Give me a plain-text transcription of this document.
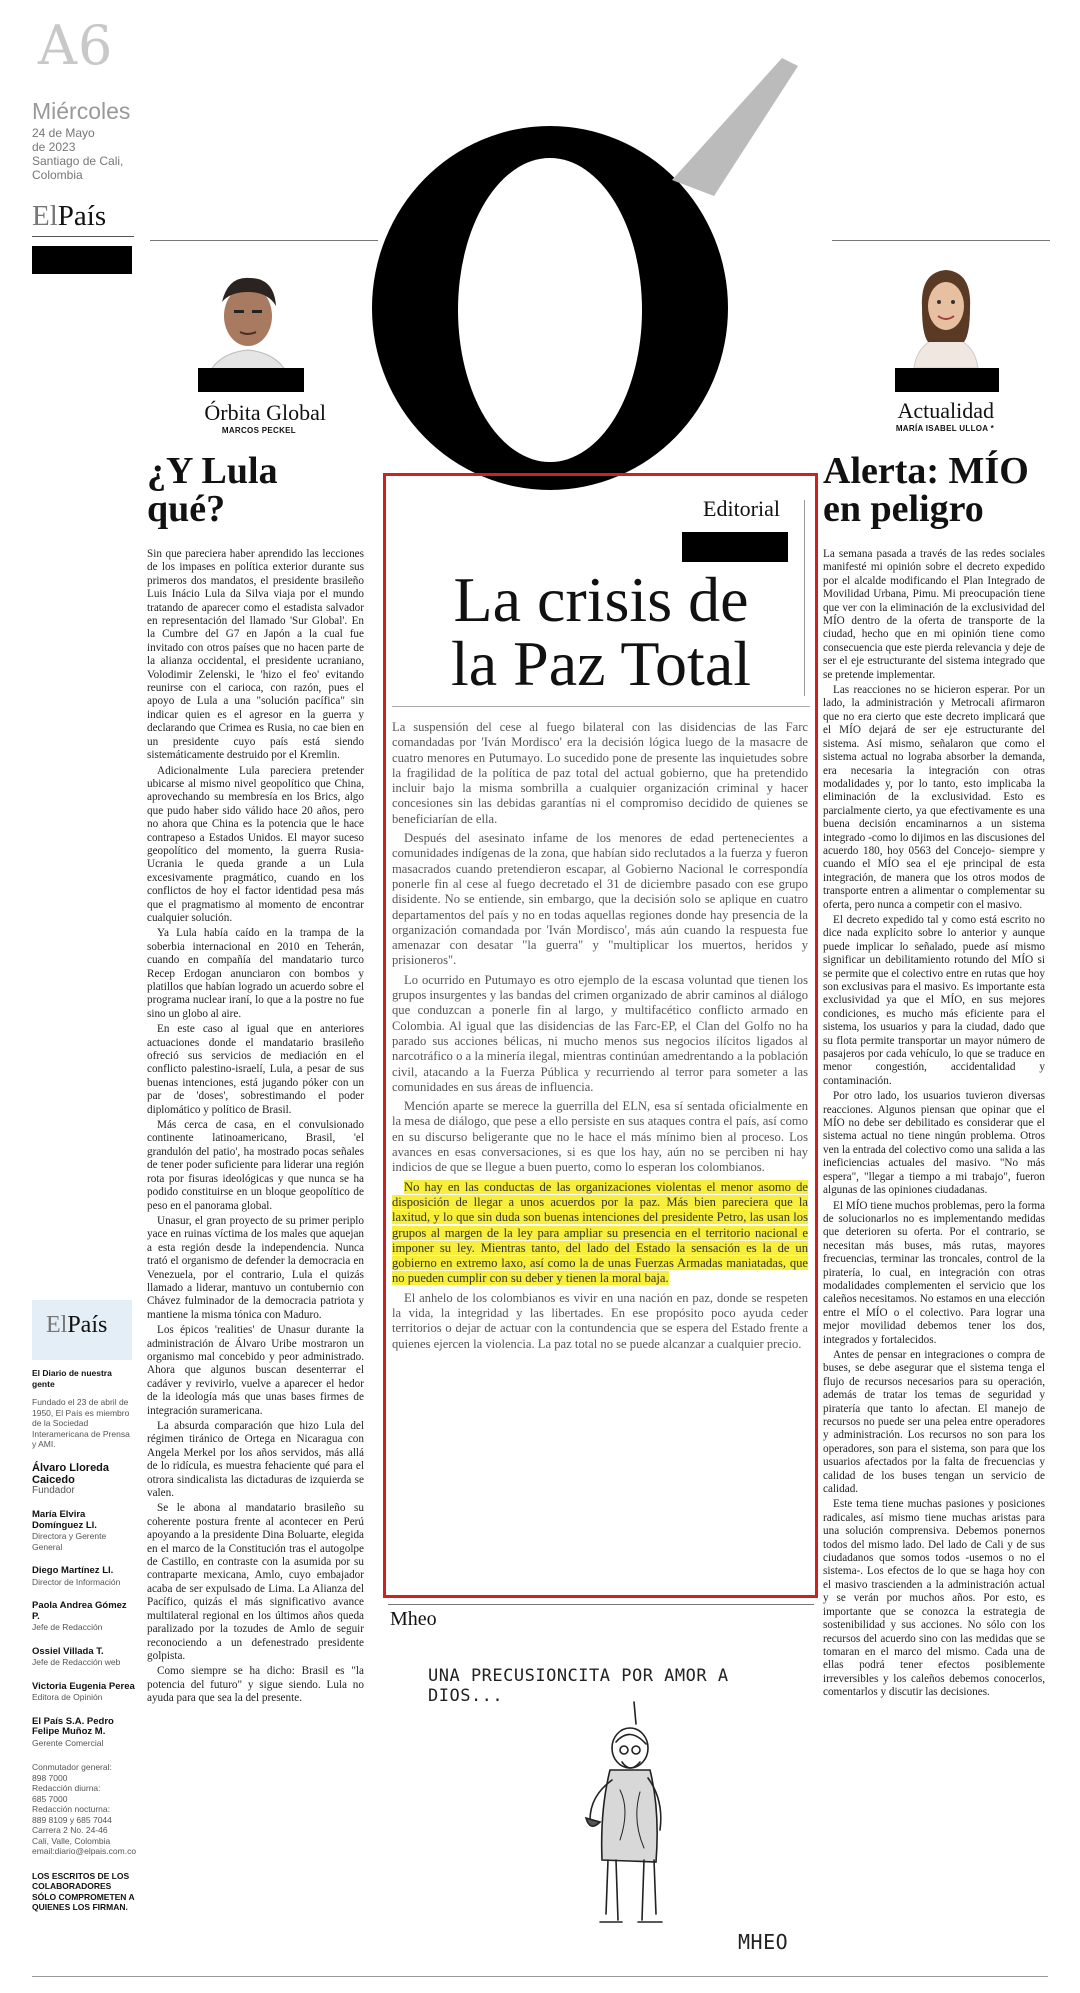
A6
Miércoles
24 de Mayo
de 2023
Santiago de Cali,
Colombia
ElPaís
Órbita Global
MARCOS PECKEL
¿Y Lula
qué?

Sin que pareciera haber aprendido las lecciones de los impases en política exterior durante sus primeros dos mandatos, el presidente brasileño Luis Inácio Lula da Silva viaja por el mundo tratando de aparecer como el estadista salvador en representación del llamado 'Sur Global'. En la Cumbre del G7 en Japón a la cual fue invitado con otros países que no hacen parte de la alianza occidental, el presidente ucraniano, Volodimir Zelenski, le 'hizo el feo' evitando reunirse con el carioca, con razón, pues el apoyo de Lula a una "solución pacífica" sin indicar quien es el agresor en la guerra y declarando que Crimea es Rusia, no cae bien en un presidente cuyo país está siendo sistemáticamente destruido por el Kremlin.

Adicionalmente Lula pareciera pretender ubicarse al mismo nivel geopolítico que China, aprovechando su membresía en los Brics, algo que pudo haber sido válido hace 20 años, pero no ahora que China es la potencia que le hace contrapeso a Estados Unidos. El mayor suceso geopolítico del momento, la guerra Rusia-Ucrania le queda grande a un Lula excesivamente pragmático, cuando en los conflictos de hoy el factor identidad pesa más que el pragmatismo al momento de encontrar cualquier solución.

Ya Lula había caído en la trampa de la soberbia internacional en 2010 en Teherán, cuando en compañía del mandatario turco Recep Erdogan anunciaron con bombos y platillos que habían logrado un acuerdo sobre el programa nuclear iraní, lo que a la postre no fue sino un globo al aire.

En este caso al igual que en anteriores actuaciones donde el mandatario brasileño ofreció sus servicios de mediación en el conflicto palestino-israelí, Lula, a pesar de sus buenas intenciones, está jugando póker con un par de 'doses', sobrestimando el poder diplomático y político de Brasil.

Más cerca de casa, en el convulsionado continente latinoamericano, Brasil, 'el grandulón del patio', ha mostrado pocas señales de tener poder suficiente para liderar una región rota por fisuras ideológicas y que nunca se ha podido constituirse en un bloque geopolítico de peso en el panorama global.

Unasur, el gran proyecto de su primer periplo yace en ruinas víctima de los males que aquejan a esta región desde la independencia. Nunca trató el organismo de defender la democracia en Venezuela, por el contrario, Lula el quizás llamado a liderar, mantuvo un contubernio con Chávez fulminador de la democracia patriota y mantiene la misma tónica con Maduro.

Los épicos 'realities' de Unasur durante la administración de Álvaro Uribe mostraron un organismo mal concebido y peor administrado. Ahora que algunos buscan desenterrar el cadáver y revivirlo, vuelve a aparecer el hedor de la ideología más que unas bases firmes de integración suramericana.

La absurda comparación que hizo Lula del régimen tiránico de Ortega en Nicaragua con Angela Merkel por los años servidos, más allá de lo ridícula, es muestra fehaciente qué para el otrora sindicalista las dictaduras de izquierda se valen.

Se le abona al mandatario brasileño su coherente postura frente al acontecer en Perú apoyando a la presidente Dina Boluarte, elegida en el marco de la Constitución tras el autogolpe de Castillo, en contraste con la asumida por su contraparte mexicana, Amlo, cuyo embajador acaba de ser expulsado de Lima. La Alianza del Pacífico, quizás el más significativo avance multilateral regional en los últimos años queda paralizado por la tozudes de Amlo de seguir reconociendo a un defenestrado presidente golpista.

Como siempre se ha dicho: Brasil es "la potencia del futuro" y sigue siendo. Lula no ayuda para que sea la del presente.

ElPaís
El Diario de nuestra gente
Fundado el 23 de abril de 1950, El País es miembro de la Sociedad Interamericana de Prensa y AMI.
Álvaro Lloreda Caicedo
Fundador
María Elvira Domínguez Ll.
Directora y Gerente General
Diego Martínez Ll.
Director de Información
Paola Andrea Gómez P.
Jefe de Redacción
Ossiel Villada T.
Jefe de Redacción web
Victoria Eugenia Perea
Editora de Opinión
El País S.A. Pedro Felipe Muñoz M.
Gerente Comercial
Conmutador general:
898 7000
Redacción diurna:
685 7000
Redacción nocturna:
889 8109 y 685 7044
Carrera 2 No. 24-46
Cali, Valle, Colombia
email:diario@elpais.com.co
LOS ESCRITOS DE LOS COLABORADORES SÓLO COMPROMETEN A QUIENES LOS FIRMAN.
Editorial
La crisis de
la Paz Total

La suspensión del cese al fuego bilateral con las disidencias de las Farc comandadas por 'Iván Mordisco' era la decisión lógica luego de la masacre de cuatro menores en Putumayo. Lo sucedido pone de presente las inquietudes sobre la fragilidad de la política de paz total del actual gobierno, que ha pretendido incluir bajo la misma sombrilla a cualquier organización criminal y hacer concesiones sin las debidas garantías ni el compromiso decidido de quienes se beneficiarían de ella.

Después del asesinato infame de los menores de edad pertenecientes a comunidades indígenas de la zona, que habían sido reclutados a la fuerza y fueron masacrados cuando pretendieron escapar, al Gobierno Nacional le correspondía ponerle fin al cese al fuego decretado el 31 de diciembre pasado con ese grupo disidente. No se entiende, sin embargo, que la decisión solo se aplique en cuatro departamentos del país y no en todas aquellas regiones donde hay presencia de la organización comandada por 'Iván Mordisco', más aún cuando la respuesta fue amenazar con desatar "la guerra" y "multiplicar los muertos, heridos y prisioneros".

Lo ocurrido en Putumayo es otro ejemplo de la escasa voluntad que tienen los grupos insurgentes y las bandas del crimen organizado de abrir caminos al diálogo que conduzcan a ponerle fin al largo, y multifacético conflicto armado en Colombia. Al igual que las disidencias de las Farc-EP, el Clan del Golfo no ha parado sus acciones bélicas, ni mucho menos sus negocios ilícitos ligados al narcotráfico o a la minería ilegal, mientras continúan amedrentando a la población civil, atacando a la Fuerza Pública y recurriendo al terror para someter a las comunidades en sus áreas de influencia.

Mención aparte se merece la guerrilla del ELN, esa sí sentada oficialmente en la mesa de diálogo, que pese a ello persiste en sus ataques contra el país, así como en su discurso beligerante que no le hace el más mínimo bien al proceso. Los avances en esas conversaciones, si es que los hay, aún no se perciben ni hay indicios de que se llegue a buen puerto, como lo esperan los colombianos.

No hay en las conductas de las organizaciones violentas el menor asomo de disposición de llegar a unos acuerdos por la paz. Más bien pareciera que la laxitud, y lo que sin duda son buenas intenciones del presidente Petro, las usan los grupos al margen de la ley para ampliar su presencia en el territorio nacional e imponer su ley. Mientras tanto, del lado del Estado la sensación es la de un gobierno en extremo laxo, así como la de unas Fuerzas Armadas maniatadas, que no pueden cumplir con su deber y tienen la moral baja.

El anhelo de los colombianos es vivir en una nación en paz, donde se respeten la vida, la integridad y las libertades. En ese propósito poco ayuda ceder territorios o dejar de actuar con la contundencia que se espera del Estado frente a quienes ejercen la violencia. La paz total no se puede alcanzar a cualquier precio.

Mheo
UNA PRECUSIONCITA POR AMOR A DIOS...
MHEO
Actualidad
MARÍA ISABEL ULLOA *
Alerta: MÍO
en peligro

La semana pasada a través de las redes sociales manifesté mi opinión sobre el decreto expedido por el alcalde modificando el Plan Integrado de Movilidad Urbana, Pimu. Mi preocupación tiene que ver con la eliminación de la exclusividad del MÍO dentro de la oferta de transporte de la ciudad, hecho que en mi opinión tiene como consecuencia que este pierda relevancia y deje de ser el eje estructurante del sistema integrado que se pretende implementar.

Las reacciones no se hicieron esperar. Por un lado, la administración y Metrocali afirmaron que no era cierto que este decreto implicará que el MÍO dejará de ser eje estructurante del sistema. Así mismo, señalaron que como el sistema actual no lograba absorber la demanda, era necesaria la integración con otras modalidades y, por lo tanto, esto implicaba la eliminación de la exclusividad. Esto es parcialmente cierto, ya que efectivamente es una buena decisión encaminarnos a un sistema integrado -como lo dijimos en las discusiones del acuerdo 180, hoy 0563 del Concejo- siempre y cuando el MÍO sea el eje principal de esta integración, de manera que los otros modos de transporte entren a alimentar o complementar su oferta, pero nunca a competir con el masivo.

El decreto expedido tal y como está escrito no dice nada explícito sobre lo anterior y aunque puede implicar lo señalado, puede así mismo significar un debilitamiento rotundo del MÍO si se permite que el colectivo entre en rutas que hoy son exclusivas para el masivo. Es importante esta exclusividad ya que el MÍO, en sus mejores condiciones, es mucho más eficiente para el sistema, los usuarios y para la ciudad, dado que su flota permite transportar un mayor número de pasajeros por cada vehículo, lo que se traduce en menor congestión, accidentalidad y contaminación.

Por otro lado, los usuarios tuvieron diversas reacciones. Algunos piensan que opinar que el MÍO no debe ser debilitado es considerar que el sistema actual no tiene ningún problema. Otros ven la entrada del colectivo como una salida a las ineficiencias actuales del masivo. "No más espera", "llegar a tiempo a mi trabajo", fueron algunas de las opiniones ciudadanas.

El MÍO tiene muchos problemas, pero la forma de solucionarlos no es implementando medidas que deterioren su oferta. Por el contrario, se necesitan más buses, más rutas, mayores frecuencias, terminar las troncales, control de la piratería, lo cual, en integración con otras modalidades complementen el servicio que los caleños necesitamos. No estamos en una elección entre el MÍO o el colectivo. Para lograr una mejor movilidad debemos tener los dos, integrados y fortalecidos.

Antes de pensar en integraciones o compra de buses, se debe asegurar que el sistema tenga el flujo de recursos necesarios para su operación, además de tratar los temas de seguridad y piratería que tanto lo afectan. El manejo de recursos no puede ser una pelea entre operadores y administración. Los recursos no son para los operadores, son para el sistema, son para que los usuarios afectados por la falta de frecuencias y calidad de los buses tengan un servicio de calidad.

Este tema tiene muchas pasiones y posiciones radicales, así mismo tiene muchas aristas para una solución comprensiva. Debemos ponernos todos del mismo lado. Del lado de Cali y de sus ciudadanos que somos todos -usemos o no el sistema-. Los efectos de lo que se haga hoy con el masivo trascienden a la administración actual y se verán por muchos años. Por esto, es importante que se conozca la estrategia de sostenibilidad y sus acciones. No sólo con los recursos del acuerdo sino con las medidas que se tomaran en el marco del mismo. Cada una de ellas podrá tener efectos posiblemente irreversibles y los caleños debemos conocerlos, comentarlos y discutir las decisiones.
